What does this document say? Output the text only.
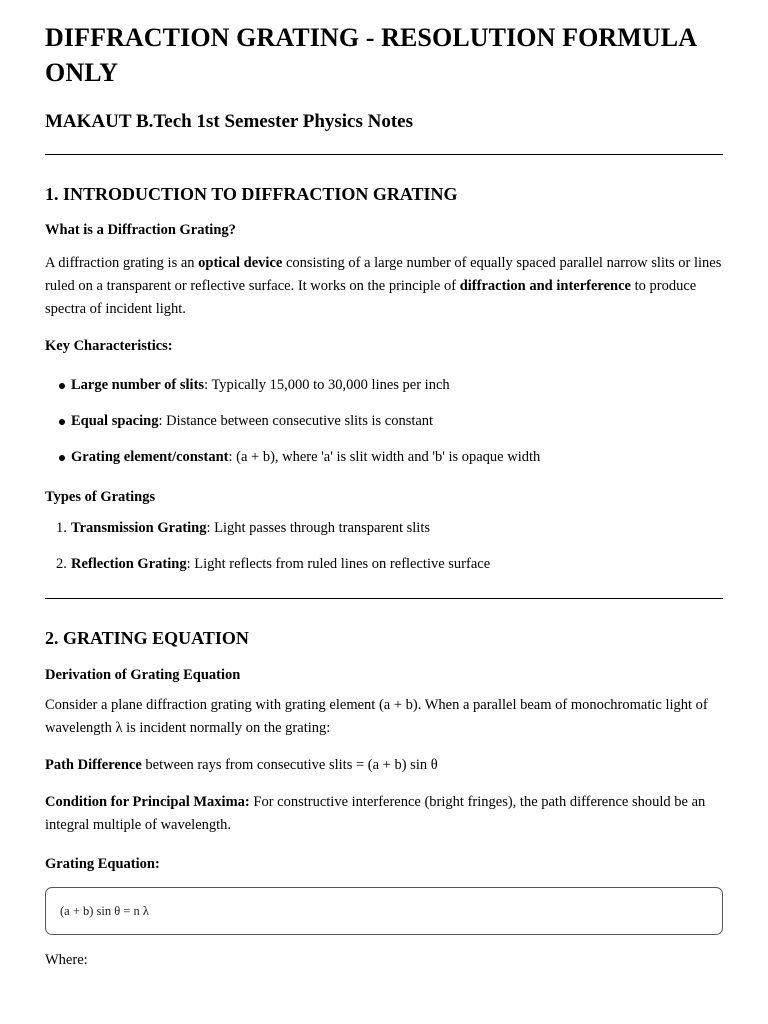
DIFFRACTION GRATING - RESOLUTION FORMULA ONLY
MAKAUT B.Tech 1st Semester Physics Notes
1. INTRODUCTION TO DIFFRACTION GRATING
What is a Diffraction Grating?

A diffraction grating is an optical device consisting of a large number of equally spaced parallel narrow slits or lines ruled on a transparent or reflective surface. It works on the principle of diffraction and interference to produce spectra of incident light.

Key Characteristics:
Large number of slits: Typically 15,000 to 30,000 lines per inch
Equal spacing: Distance between consecutive slits is constant
Grating element/constant: (a + b), where 'a' is slit width and 'b' is opaque width
Types of Gratings
1. Transmission Grating: Light passes through transparent slits
2. Reflection Grating: Light reflects from ruled lines on reflective surface
2. GRATING EQUATION
Derivation of Grating Equation

Consider a plane diffraction grating with grating element (a + b). When a parallel beam of monochromatic light of wavelength λ is incident normally on the grating:

Path Difference between rays from consecutive slits = (a + b) sin θ

Condition for Principal Maxima: For constructive interference (bright fringes), the path difference should be an integral multiple of wavelength.

Grating Equation:
(a + b) sin θ = n λ

Where:
